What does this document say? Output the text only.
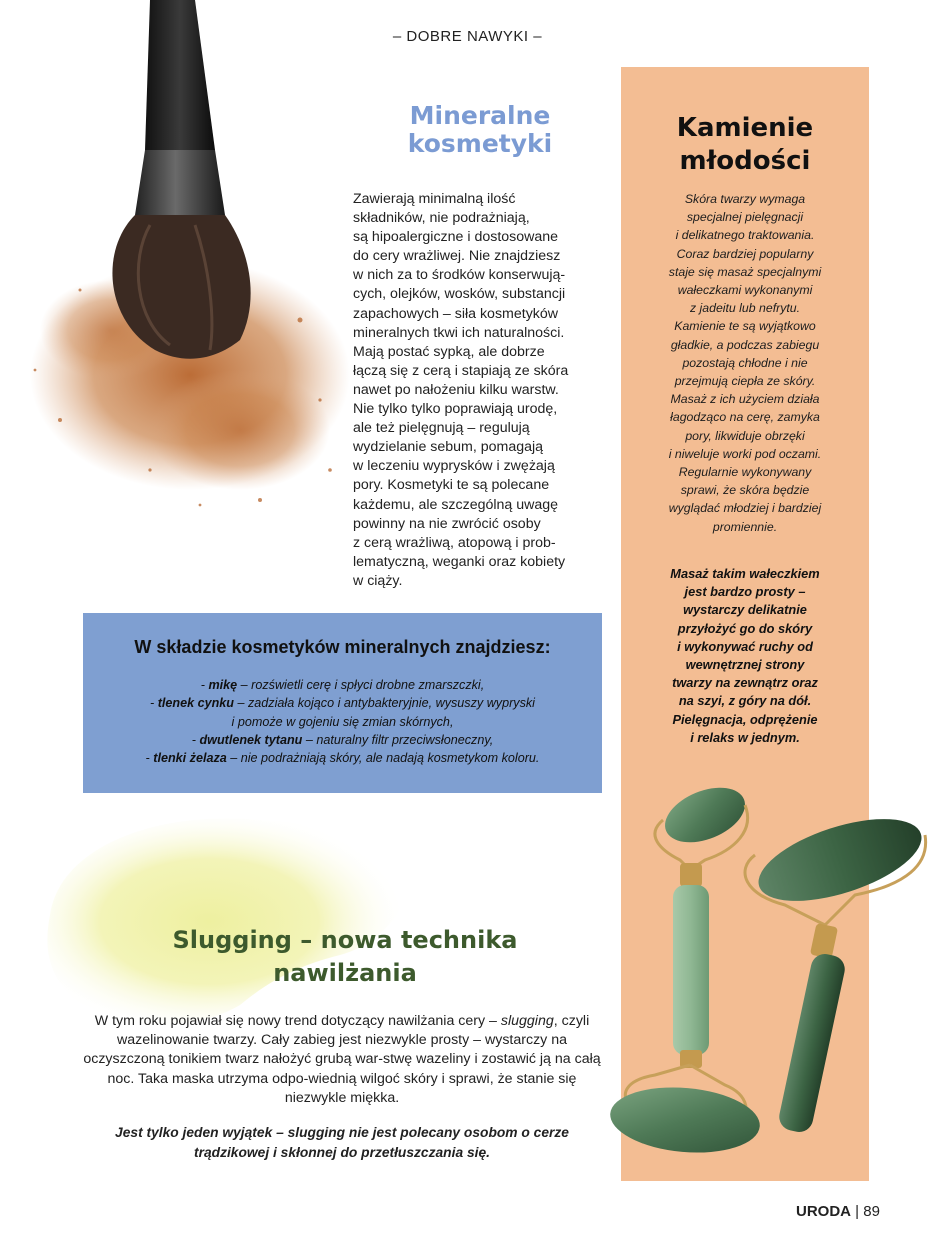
– DOBRE NAWYKI –
Mineralne
kosmetyki
Zawierają minimalną ilość
składników, nie podrażniają,
są hipoalergiczne i dostosowane
do cery wrażliwej. Nie znajdziesz
w nich za to środków konserwują-
cych, olejków, wosków, substancji
zapachowych – siła kosmetyków
mineralnych tkwi ich naturalności.
Mają postać sypką, ale dobrze
łączą się z cerą i stapiają ze skóra
nawet po nałożeniu kilku warstw.
Nie tylko tylko poprawiają urodę,
ale też pielęgnują – regulują
wydzielanie sebum, pomagają
w leczeniu wyprysków i zwężają
pory. Kosmetyki te są polecane
każdemu, ale szczególną uwagę
powinny na nie zwrócić osoby
z cerą wrażliwą, atopową i prob-
lematyczną, weganki oraz kobiety
w ciąży.
W składzie kosmetyków mineralnych znajdziesz:
- mikę – rozświetli cerę i spłyci drobne zmarszczki,
- tlenek cynku – zadziała kojąco i antybakteryjnie, wysuszy wypryski
i pomoże w gojeniu się zmian skórnych,
- dwutlenek tytanu – naturalny filtr przeciwsłoneczny,
- tlenki żelaza – nie podrażniają skóry, ale nadają kosmetykom koloru.
Kamienie
młodości
Skóra twarzy wymaga
specjalnej pielęgnacji
i delikatnego traktowania.
Coraz bardziej popularny
staje się masaż specjalnymi
wałeczkami wykonanymi
z jadeitu lub nefrytu.
Kamienie te są wyjątkowo
gładkie, a podczas zabiegu
pozostają chłodne i nie
przejmują ciepła ze skóry.
Masaż z ich użyciem działa
łagodząco na cerę, zamyka
pory, likwiduje obrzęki
i niweluje worki pod oczami.
Regularnie wykonywany
sprawi, że skóra będzie
wyglądać młodziej i bardziej
promiennie.
Masaż takim wałeczkiem
jest bardzo prosty –
wystarczy delikatnie
przyłożyć go do skóry
i wykonywać ruchy od
wewnętrznej strony
twarzy na zewnątrz oraz
na szyi, z góry na dół.
Pielęgnacja, odprężenie
i relaks w jednym.
Slugging – nowa technika
nawilżania
W tym roku pojawiał się nowy trend dotyczący nawilżania cery – slugging, czyli wazelinowanie twarzy. Cały zabieg jest niezwykle prosty – wystarczy na oczyszczoną tonikiem twarz nałożyć grubą war-stwę wazeliny i zostawić ją na całą noc. Taka maska utrzyma odpo-wiednią wilgoć skóry i sprawi, że stanie się niezwykle miękka.
Jest tylko jeden wyjątek – slugging nie jest polecany osobom o cerze trądzikowej i skłonnej do przetłuszczania się.
URODA | 89
